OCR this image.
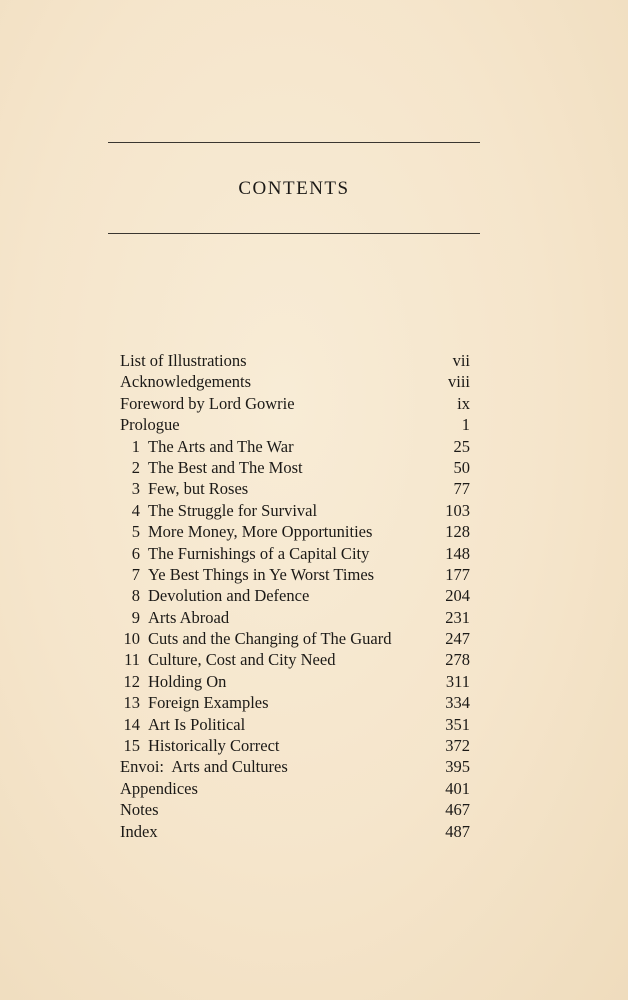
CONTENTS
List of Illustrations	vii
Acknowledgements	viii
Foreword by Lord Gowrie	ix
Prologue	1
1 The Arts and The War	25
2 The Best and The Most	50
3 Few, but Roses	77
4 The Struggle for Survival	103
5 More Money, More Opportunities	128
6 The Furnishings of a Capital City	148
7 Ye Best Things in Ye Worst Times	177
8 Devolution and Defence	204
9 Arts Abroad	231
10 Cuts and the Changing of The Guard	247
11 Culture, Cost and City Need	278
12 Holding On	311
13 Foreign Examples	334
14 Art Is Political	351
15 Historically Correct	372
Envoi:  Arts and Cultures	395
Appendices	401
Notes	467
Index	487
